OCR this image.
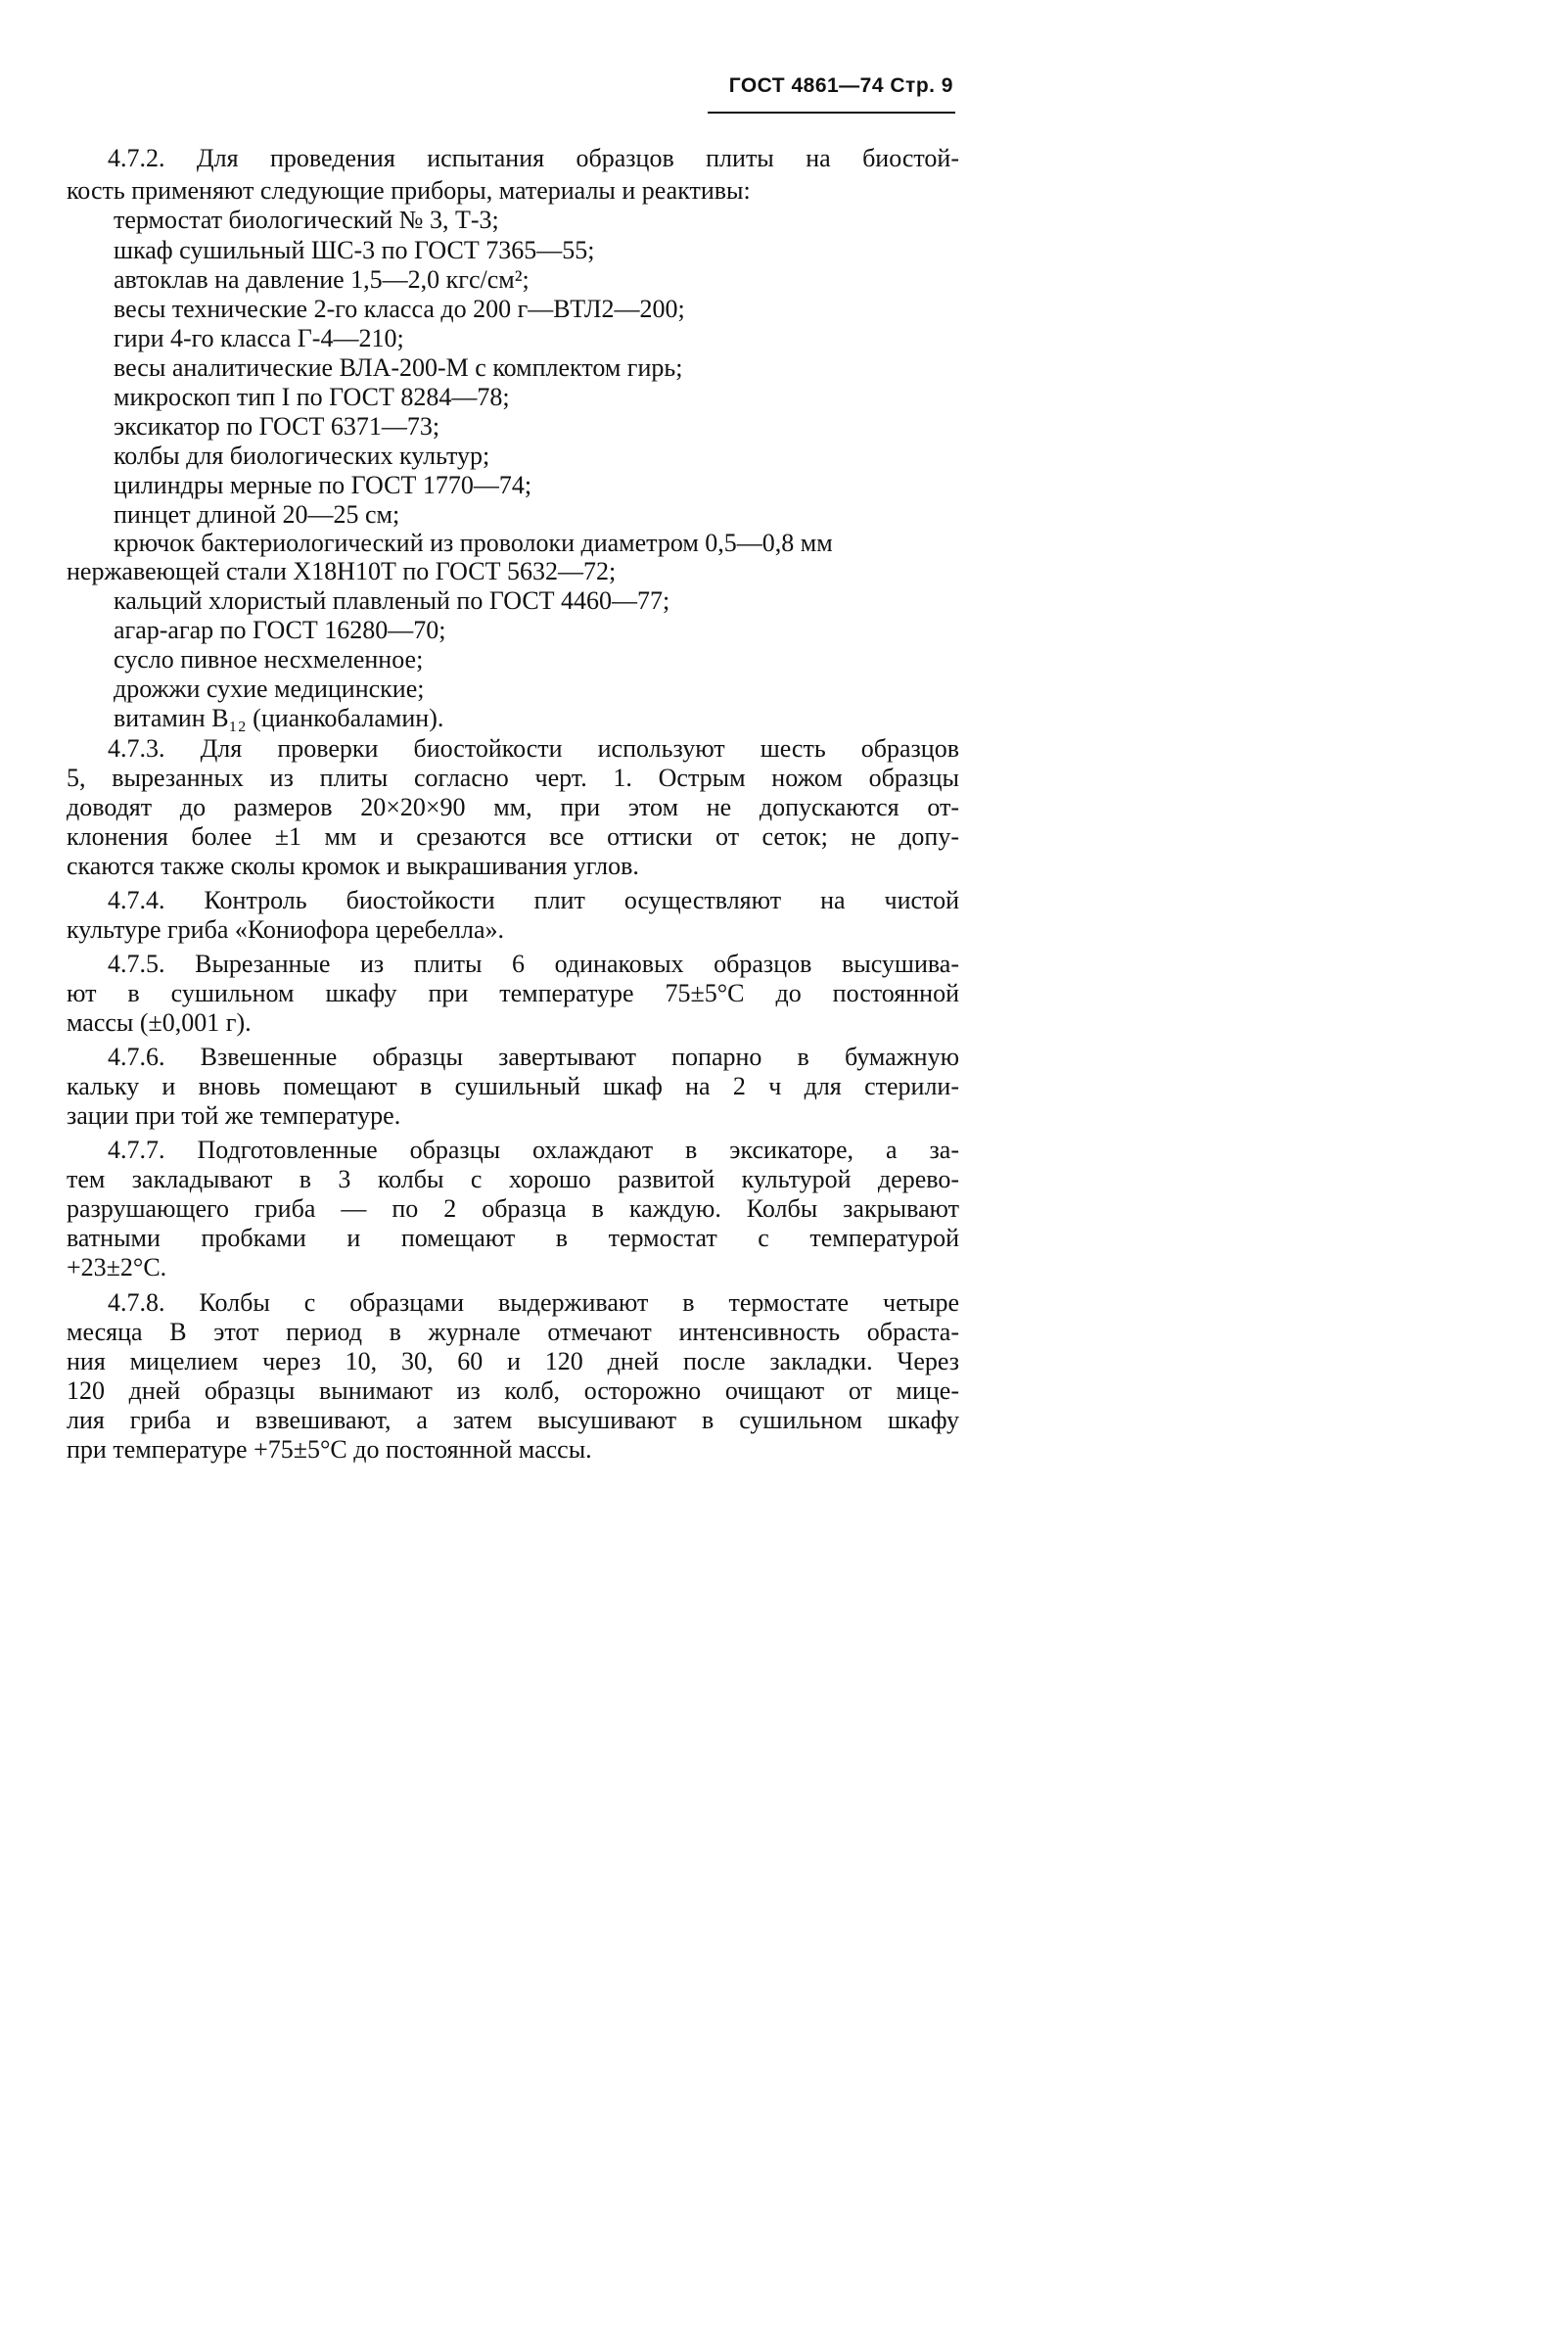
ГОСТ 4861—74 Стр. 9
4.7.2. Для проведения испытания образцов плиты на биостой-
кость применяют следующие приборы, материалы и реактивы:
термостат биологический № 3, Т-3;
шкаф сушильный ШС-3 по ГОСТ 7365—55;
автоклав на давление 1,5—2,0 кгс/см²;
весы технические 2-го класса до 200 г—ВТЛ2—200;
гири 4-го класса Г-4—210;
весы аналитические ВЛА-200-М с комплектом гирь;
микроскоп тип I по ГОСТ 8284—78;
эксикатор по ГОСТ 6371—73;
колбы для биологических культур;
цилиндры мерные по ГОСТ 1770—74;
пинцет длиной 20—25 см;
крючок бактериологический из проволоки диаметром 0,5—0,8 мм
нержавеющей стали Х18Н10Т по ГОСТ 5632—72;
кальций хлористый плавленый по ГОСТ 4460—77;
агар-агар по ГОСТ 16280—70;
сусло пивное несхмеленное;
дрожжи сухие медицинские;
витамин B₁₂ (цианкобаламин).
4.7.3. Для проверки биостойкости используют шесть образцов
5, вырезанных из плиты согласно черт. 1. Острым ножом образцы
доводят до размеров 20×20×90 мм, при этом не допускаются от-
клонения более ±1 мм и срезаются все оттиски от сеток; не допу-
скаются также сколы кромок и выкрашивания углов.
4.7.4. Контроль биостойкости плит осуществляют на чистой
культуре гриба «Кониофора церебелла».
4.7.5. Вырезанные из плиты 6 одинаковых образцов высушива-
ют в сушильном шкафу при температуре 75±5°С до постоянной
массы (±0,001 г).
4.7.6. Взвешенные образцы завертывают попарно в бумажную
кальку и вновь помещают в сушильный шкаф на 2 ч для стерили-
зации при той же температуре.
4.7.7. Подготовленные образцы охлаждают в эксикаторе, а за-
тем закладывают в 3 колбы с хорошо развитой культурой дерево-
разрушающего гриба — по 2 образца в каждую. Колбы закрывают
ватными пробками и помещают в термостат с температурой
+23±2°С.
4.7.8. Колбы с образцами выдерживают в термостате четыре
месяца В этот период в журнале отмечают интенсивность обраста-
ния мицелием через 10, 30, 60 и 120 дней после закладки. Через
120 дней образцы вынимают из колб, осторожно очищают от мице-
лия гриба и взвешивают, а затем высушивают в сушильном шкафу
при температуре +75±5°С до постоянной массы.
